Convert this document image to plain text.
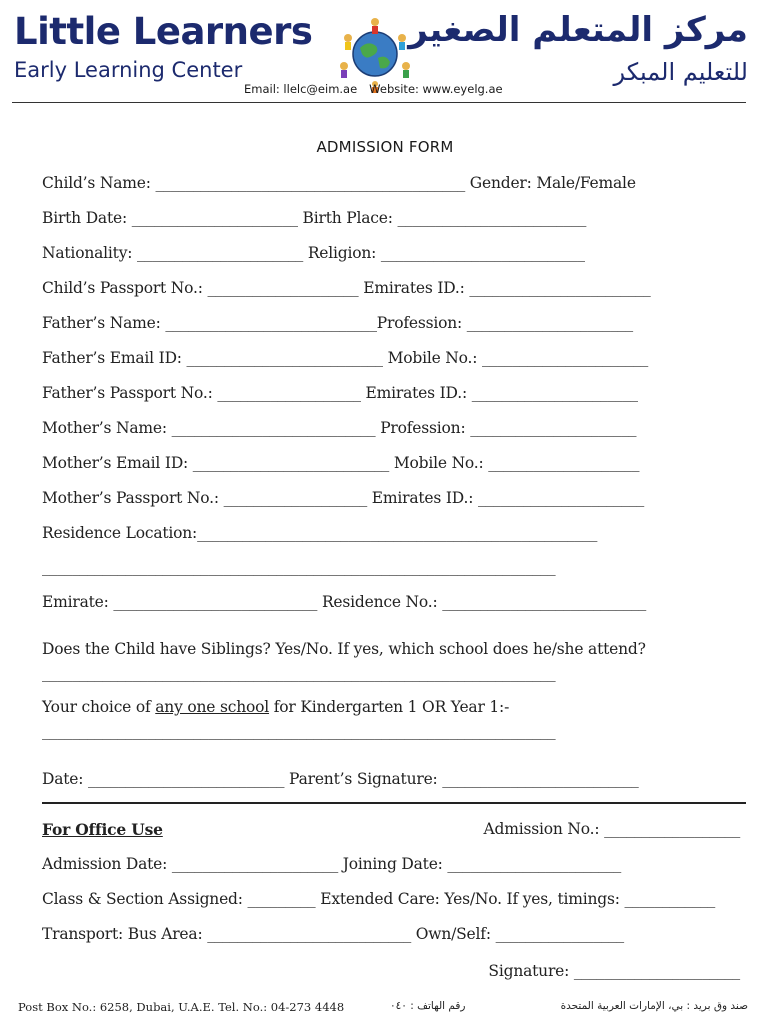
Little Learners
Early Learning Center
مركز المتعلم الصغير
للتعليم المبكر
Email: llelc@eim.ae Website: www.eyelg.ae
ADMISSION FORM
Child’s Name: _________________________________________ Gender: Male/Female
Birth Date: ______________________ Birth Place: _________________________
Nationality: ______________________ Religion: ___________________________
Child’s Passport No.: ____________________ Emirates ID.: ________________________
Father’s Name: ____________________________Profession: ______________________
Father’s Email ID: __________________________ Mobile No.: ______________________
Father’s Passport No.: ___________________ Emirates ID.: ______________________
Mother’s Name: ___________________________ Profession: ______________________
Mother’s Email ID: __________________________ Mobile No.: ____________________
Mother’s Passport No.: ___________________ Emirates ID.: ______________________
Residence Location:_____________________________________________________
____________________________________________________________________
Emirate: ___________________________ Residence No.: ___________________________
Does the Child have Siblings? Yes/No. If yes, which school does he/she attend?
____________________________________________________________________
Your choice of any one school for Kindergarten 1 OR Year 1:-
____________________________________________________________________
Date: __________________________ Parent’s Signature: __________________________
For Office Use	Admission No.: __________________
Admission Date: ______________________ Joining Date: _______________________
Class & Section Assigned: _________ Extended Care: Yes/No. If yes, timings: ____________
Transport: Bus Area: ___________________________ Own/Self: _________________
Signature: ______________________
Post Box No.: 6258, Dubai, U.A.E. Tel. No.: 04-273 4448	رقم الهاتف : ٠٤٠	صند وق بريد : بي، الإمارات العربية المتحدة
